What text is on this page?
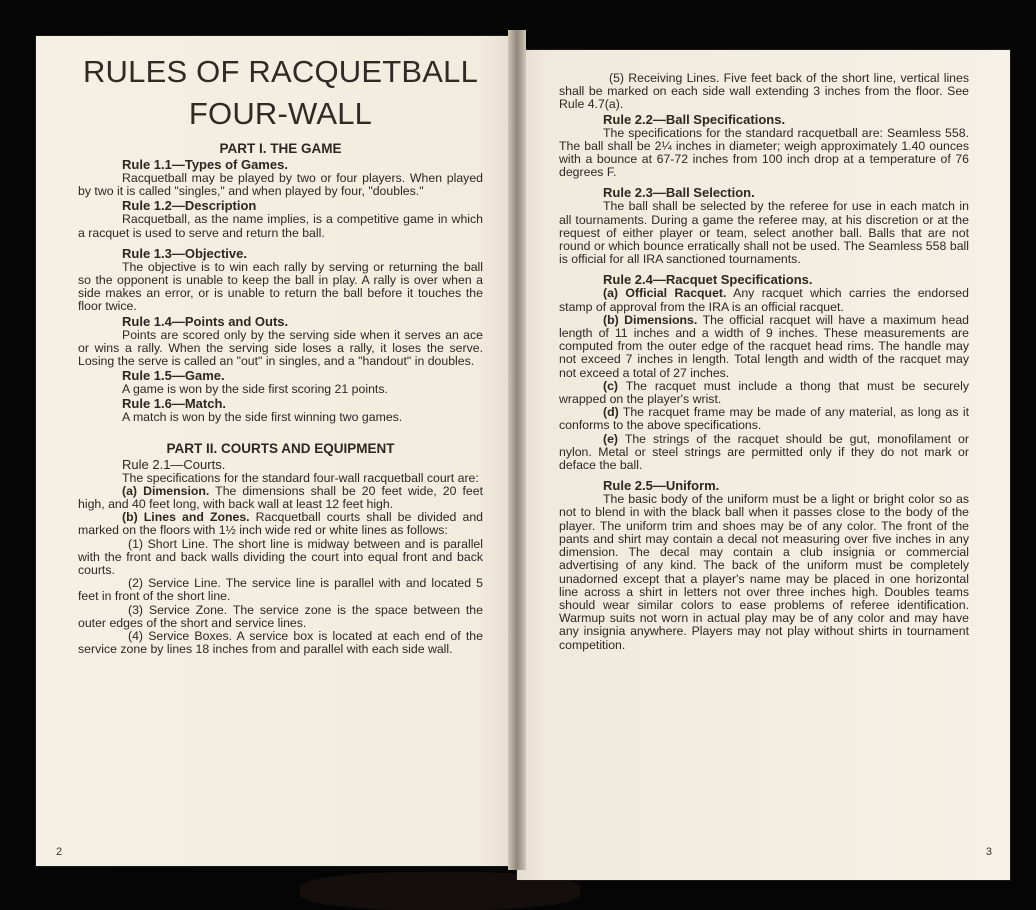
RULES OF RACQUETBALL
FOUR-WALL
PART I. THE GAME
Rule 1.1—Types of Games.

Racquetball may be played by two or four players. When played by two it is called "singles," and when played by four, "doubles."

Rule 1.2—Description

Racquetball, as the name implies, is a competitive game in which a racquet is used to serve and return the ball.

Rule 1.3—Objective.

The objective is to win each rally by serving or returning the ball so the opponent is unable to keep the ball in play. A rally is over when a side makes an error, or is unable to return the ball before it touches the floor twice.

Rule 1.4—Points and Outs.

Points are scored only by the serving side when it serves an ace or wins a rally. When the serving side loses a rally, it loses the serve. Losing the serve is called an "out" in singles, and a "handout" in doubles.

Rule 1.5—Game.

A game is won by the side first scoring 21 points.

Rule 1.6—Match.

A match is won by the side first winning two games.

PART II. COURTS AND EQUIPMENT
Rule 2.1—Courts.

The specifications for the standard four-wall racquetball court are:

(a) Dimension. The dimensions shall be 20 feet wide, 20 feet high, and 40 feet long, with back wall at least 12 feet high.

(b) Lines and Zones. Racquetball courts shall be divided and marked on the floors with 1½ inch wide red or white lines as follows:

(1) Short Line. The short line is midway between and is parallel with the front and back walls dividing the court into equal front and back courts.

(2) Service Line. The service line is parallel with and located 5 feet in front of the short line.

(3) Service Zone. The service zone is the space between the outer edges of the short and service lines.

(4) Service Boxes. A service box is located at each end of the service zone by lines 18 inches from and parallel with each side wall.

2

(5) Receiving Lines. Five feet back of the short line, vertical lines shall be marked on each side wall extending 3 inches from the floor. See Rule 4.7(a).

Rule 2.2—Ball Specifications.

The specifications for the standard racquetball are: Seamless 558. The ball shall be 2¼ inches in diameter; weigh approximately 1.40 ounces with a bounce at 67-72 inches from 100 inch drop at a temperature of 76 degrees F.

Rule 2.3—Ball Selection.

The ball shall be selected by the referee for use in each match in all tournaments. During a game the referee may, at his discretion or at the request of either player or team, select another ball. Balls that are not round or which bounce erratically shall not be used. The Seamless 558 ball is official for all IRA sanctioned tournaments.

Rule 2.4—Racquet Specifications.

(a) Official Racquet. Any racquet which carries the endorsed stamp of approval from the IRA is an official racquet.

(b) Dimensions. The official racquet will have a maximum head length of 11 inches and a width of 9 inches. These measurements are computed from the outer edge of the racquet head rims. The handle may not exceed 7 inches in length. Total length and width of the racquet may not exceed a total of 27 inches.

(c) The racquet must include a thong that must be securely wrapped on the player's wrist.

(d) The racquet frame may be made of any material, as long as it conforms to the above specifications.

(e) The strings of the racquet should be gut, monofilament or nylon. Metal or steel strings are permitted only if they do not mark or deface the ball.

Rule 2.5—Uniform.

The basic body of the uniform must be a light or bright color so as not to blend in with the black ball when it passes close to the body of the player. The uniform trim and shoes may be of any color. The front of the pants and shirt may contain a decal not measuring over five inches in any dimension. The decal may contain a club insignia or commercial advertising of any kind. The back of the uniform must be completely unadorned except that a player's name may be placed in one horizontal line across a shirt in letters not over three inches high. Doubles teams should wear similar colors to ease problems of referee identification. Warmup suits not worn in actual play may be of any color and may have any insignia anywhere. Players may not play without shirts in tournament competition.

3
